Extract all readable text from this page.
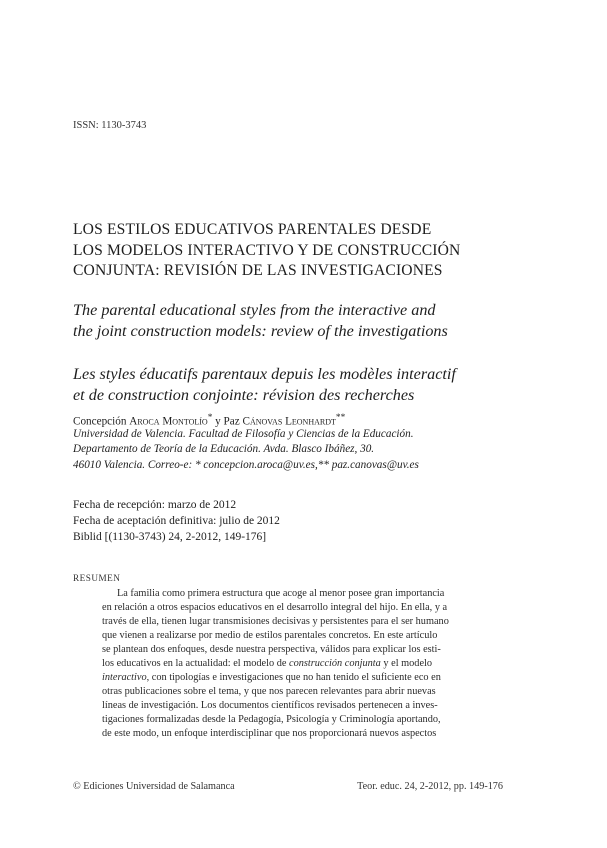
ISSN: 1130-3743

LOS ESTILOS EDUCATIVOS PARENTALES DESDE

LOS MODELOS INTERACTIVO Y DE CONSTRUCCIÓN

CONJUNTA: REVISIÓN DE LAS INVESTIGACIONES

The parental educational styles from the interactive and

the joint construction models: review of the investigations

Les styles éducatifs parentaux depuis les modèles interactif

et de construction conjointe: révision des recherches

Concepción Aroca Montolío* y Paz Cánovas Leonhardt**

Universidad de Valencia. Facultad de Filosofía y Ciencias de la Educación.

Departamento de Teoría de la Educación. Avda. Blasco Ibáñez, 30.

46010 Valencia. Correo-e: * concepcion.aroca@uv.es,** paz.canovas@uv.es

Fecha de recepción: marzo de 2012

Fecha de aceptación definitiva: julio de 2012

Biblid [(1130-3743) 24, 2-2012, 149-176]

RESUMEN

La familia como primera estructura que acoge al menor posee gran importancia

en relación a otros espacios educativos en el desarrollo integral del hijo. En ella, y a

través de ella, tienen lugar transmisiones decisivas y persistentes para el ser humano

que vienen a realizarse por medio de estilos parentales concretos. En este artículo

se plantean dos enfoques, desde nuestra perspectiva, válidos para explicar los esti-

los educativos en la actualidad: el modelo de construcción conjunta y el modelo

interactivo, con tipologías e investigaciones que no han tenido el suficiente eco en

otras publicaciones sobre el tema, y que nos parecen relevantes para abrir nuevas

líneas de investigación. Los documentos científicos revisados pertenecen a inves-

tigaciones formalizadas desde la Pedagogía, Psicología y Criminología aportando,

de este modo, un enfoque interdisciplinar que nos proporcionará nuevos aspectos

© Ediciones Universidad de Salamanca	Teor. educ. 24, 2-2012, pp. 149-176
